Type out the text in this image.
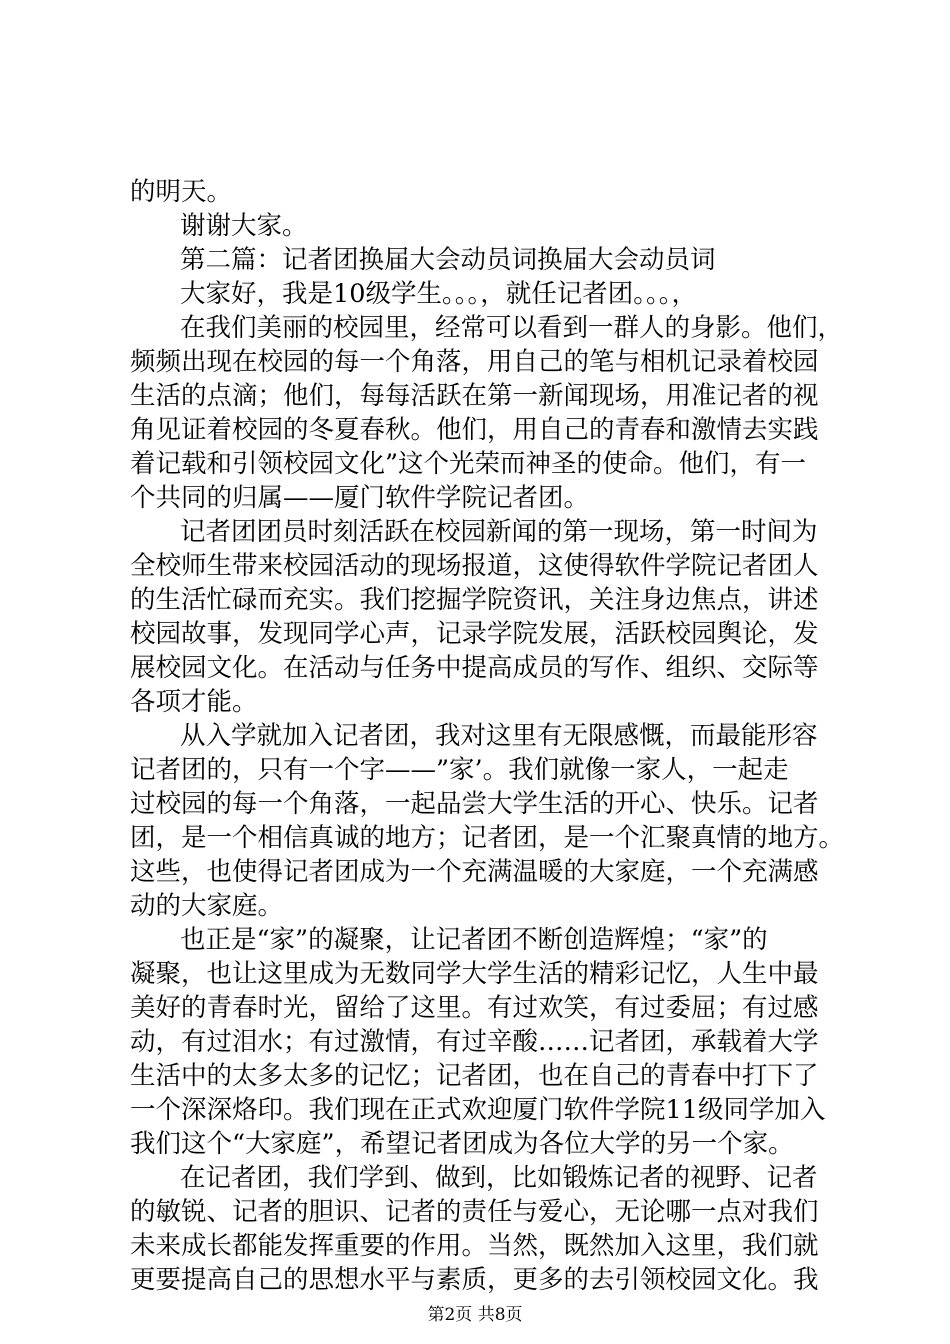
的明天。
谢谢大家。
第二篇：记者团换届大会动员词换届大会动员词
大家好，我是10级学生。。。，就任记者团。。。，
在我们美丽的校园里，经常可以看到一群人的身影。他们，
频频出现在校园的每一个角落，用自己的笔与相机记录着校园
生活的点滴；他们，每每活跃在第一新闻现场，用准记者的视
角见证着校园的冬夏春秋。他们，用自己的青春和激情去实践
着记载和引领校园文化”这个光荣而神圣的使命。他们，有一
个共同的归属——厦门软件学院记者团。
记者团团员时刻活跃在校园新闻的第一现场，第一时间为
全校师生带来校园活动的现场报道，这使得软件学院记者团人
的生活忙碌而充实。我们挖掘学院资讯，关注身边焦点，讲述
校园故事，发现同学心声，记录学院发展，活跃校园舆论，发
展校园文化。在活动与任务中提高成员的写作、组织、交际等
各项才能。
从入学就加入记者团，我对这里有无限感慨，而最能形容
记者团的，只有一个字——”家’。我们就像一家人，一起走
过校园的每一个角落，一起品尝大学生活的开心、快乐。记者
团，是一个相信真诚的地方；记者团，是一个汇聚真情的地方。
这些，也使得记者团成为一个充满温暖的大家庭，一个充满感
动的大家庭。
也正是“家”的凝聚，让记者团不断创造辉煌；“家”的
凝聚，也让这里成为无数同学大学生活的精彩记忆，人生中最
美好的青春时光，留给了这里。有过欢笑，有过委屈；有过感
动，有过泪水；有过激情，有过辛酸……记者团，承载着大学
生活中的太多太多的记忆；记者团，也在自己的青春中打下了
一个深深烙印。我们现在正式欢迎厦门软件学院11级同学加入
我们这个“大家庭”，希望记者团成为各位大学的另一个家。
在记者团，我们学到、做到，比如锻炼记者的视野、记者
的敏锐、记者的胆识、记者的责任与爱心，无论哪一点对我们
未来成长都能发挥重要的作用。当然，既然加入这里，我们就
更要提高自己的思想水平与素质，更多的去引领校园文化。我
第2页 共8页
